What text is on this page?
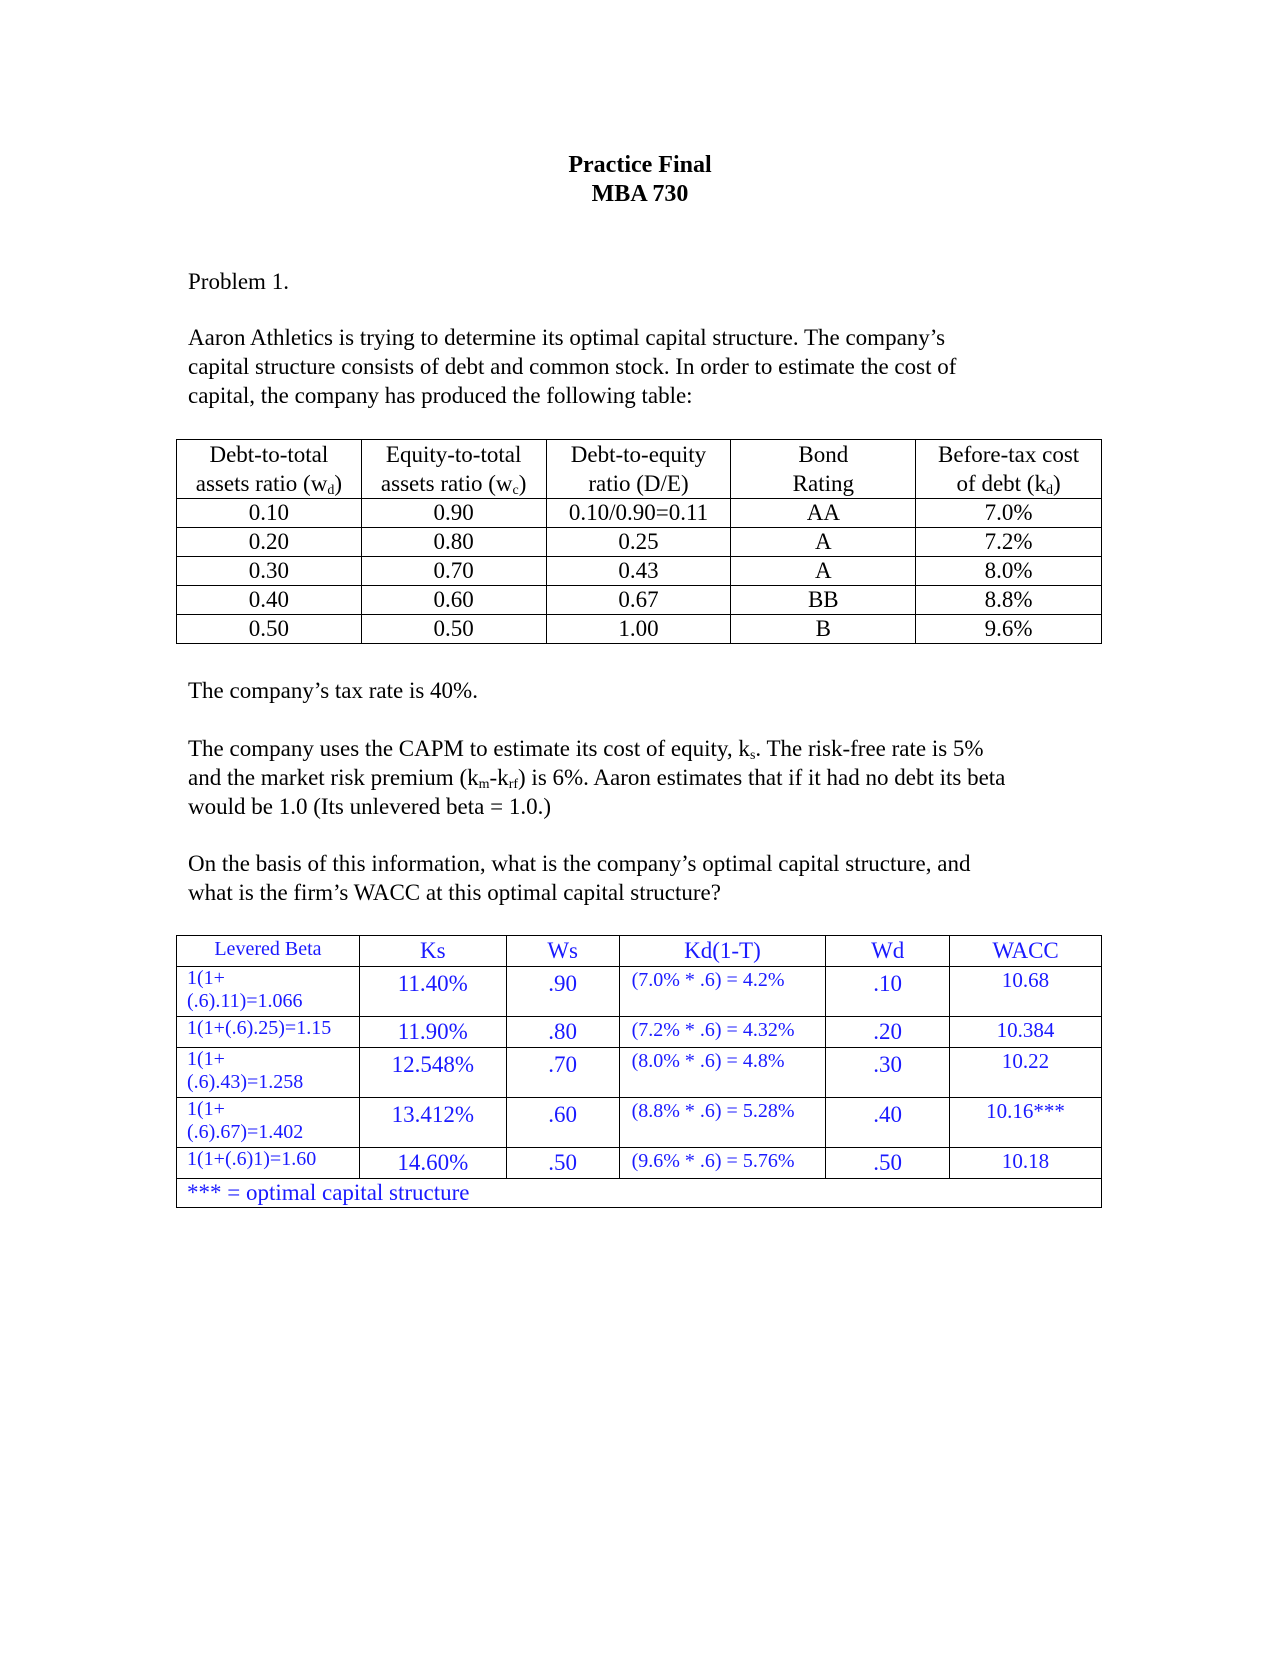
Practice Final
MBA 730
Problem 1.

Aaron Athletics is trying to determine its optimal capital structure. The company’s

capital structure consists of debt and common stock. In order to estimate the cost of

capital, the company has produced the following table:

Debt-to-total
assets ratio $(w_d)$	Equity-to-total
assets ratio $(w_c)$	Debt-to-equity
ratio (D/E)	Bond
Rating	Before-tax cost
of debt $(k_d)$
0.10	0.90	0.10/0.90=0.11	AA	7.0%
0.20	0.80	0.25	A	7.2%
0.30	0.70	0.43	A	8.0%
0.40	0.60	0.67	BB	8.8%
0.50	0.50	1.00	B	9.6%
The company’s tax rate is 40%.

The company uses the CAPM to estimate its cost of equity, $k_s$. The risk-free rate is 5%

and the market risk premium $(k_m-k_{rf})$ is 6%. Aaron estimates that if it had no debt its beta

would be 1.0 (Its unlevered beta = 1.0.)

On the basis of this information, what is the company’s optimal capital structure, and

what is the firm’s WACC at this optimal capital structure?

Levered Beta	Ks	Ws	Kd(1-T)	Wd	WACC
1(1+
(.6).11)=1.066	11.40%	.90	(7.0% * .6) = 4.2%	.10	10.68
1(1+(.6).25)=1.15	11.90%	.80	(7.2% * .6) = 4.32%	.20	10.384
1(1+
(.6).43)=1.258	12.548%	.70	(8.0% * .6) = 4.8%	.30	10.22
1(1+
(.6).67)=1.402	13.412%	.60	(8.8% * .6) = 5.28%	.40	10.16***
1(1+(.6)1)=1.60	14.60%	.50	(9.6% * .6) = 5.76%	.50	10.18
*** = optimal capital structure					
